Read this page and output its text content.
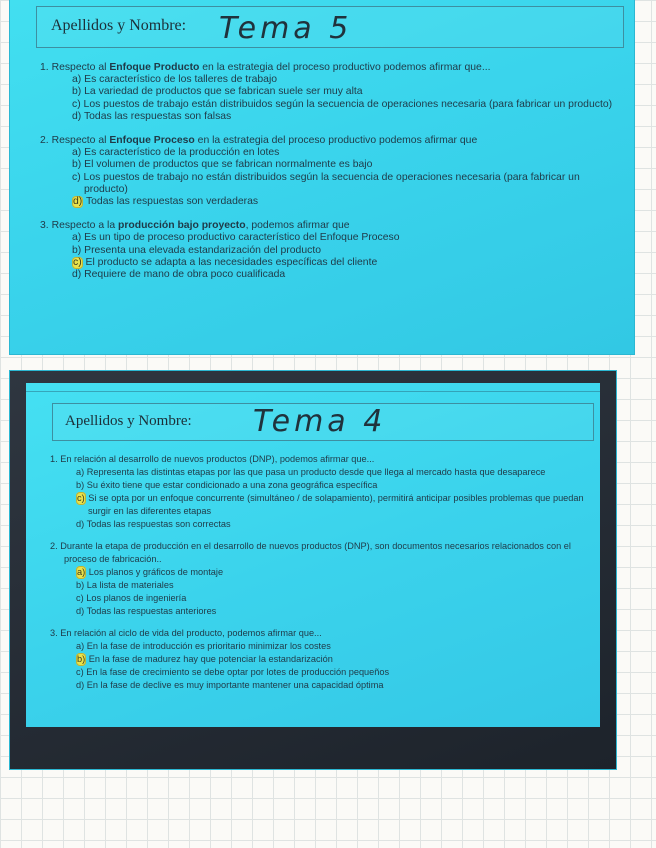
Apellidos y Nombre: Tema 5
1. Respecto al Enfoque Producto en la estrategia del proceso productivo podemos afirmar que...
a) Es característico de los talleres de trabajo
b) La variedad de productos que se fabrican suele ser muy alta
c) Los puestos de trabajo están distribuidos según la secuencia de operaciones necesaria (para fabricar un producto)
d) Todas las respuestas son falsas
2. Respecto al Enfoque Proceso en la estrategia del proceso productivo podemos afirmar que
a) Es característico de la producción en lotes
b) El volumen de productos que se fabrican normalmente es bajo
c) Los puestos de trabajo no están distribuidos según la secuencia de operaciones necesaria (para fabricar un producto)
d) Todas las respuestas son verdaderas
3. Respecto a la producción bajo proyecto, podemos afirmar que
a) Es un tipo de proceso productivo característico del Enfoque Proceso
b) Presenta una elevada estandarización del producto
c) El producto se adapta a las necesidades específicas del cliente
d) Requiere de mano de obra poco cualificada
Apellidos y Nombre: Tema 4
1. En relación al desarrollo de nuevos productos (DNP), podemos afirmar que...
a) Representa las distintas etapas por las que pasa un producto desde que llega al mercado hasta que desaparece
b) Su éxito tiene que estar condicionado a una zona geográfica específica
c) Si se opta por un enfoque concurrente (simultáneo / de solapamiento), permitirá anticipar posibles problemas que puedan surgir en las diferentes etapas
d) Todas las respuestas son correctas
2. Durante la etapa de producción en el desarrollo de nuevos productos (DNP), son documentos necesarios relacionados con el proceso de fabricación..
a) Los planos y gráficos de montaje
b) La lista de materiales
c) Los planos de ingeniería
d) Todas las respuestas anteriores
3. En relación al ciclo de vida del producto, podemos afirmar que...
a) En la fase de introducción es prioritario minimizar los costes
b) En la fase de madurez hay que potenciar la estandarización
c) En la fase de crecimiento se debe optar por lotes de producción pequeños
d) En la fase de declive es muy importante mantener una capacidad óptima
